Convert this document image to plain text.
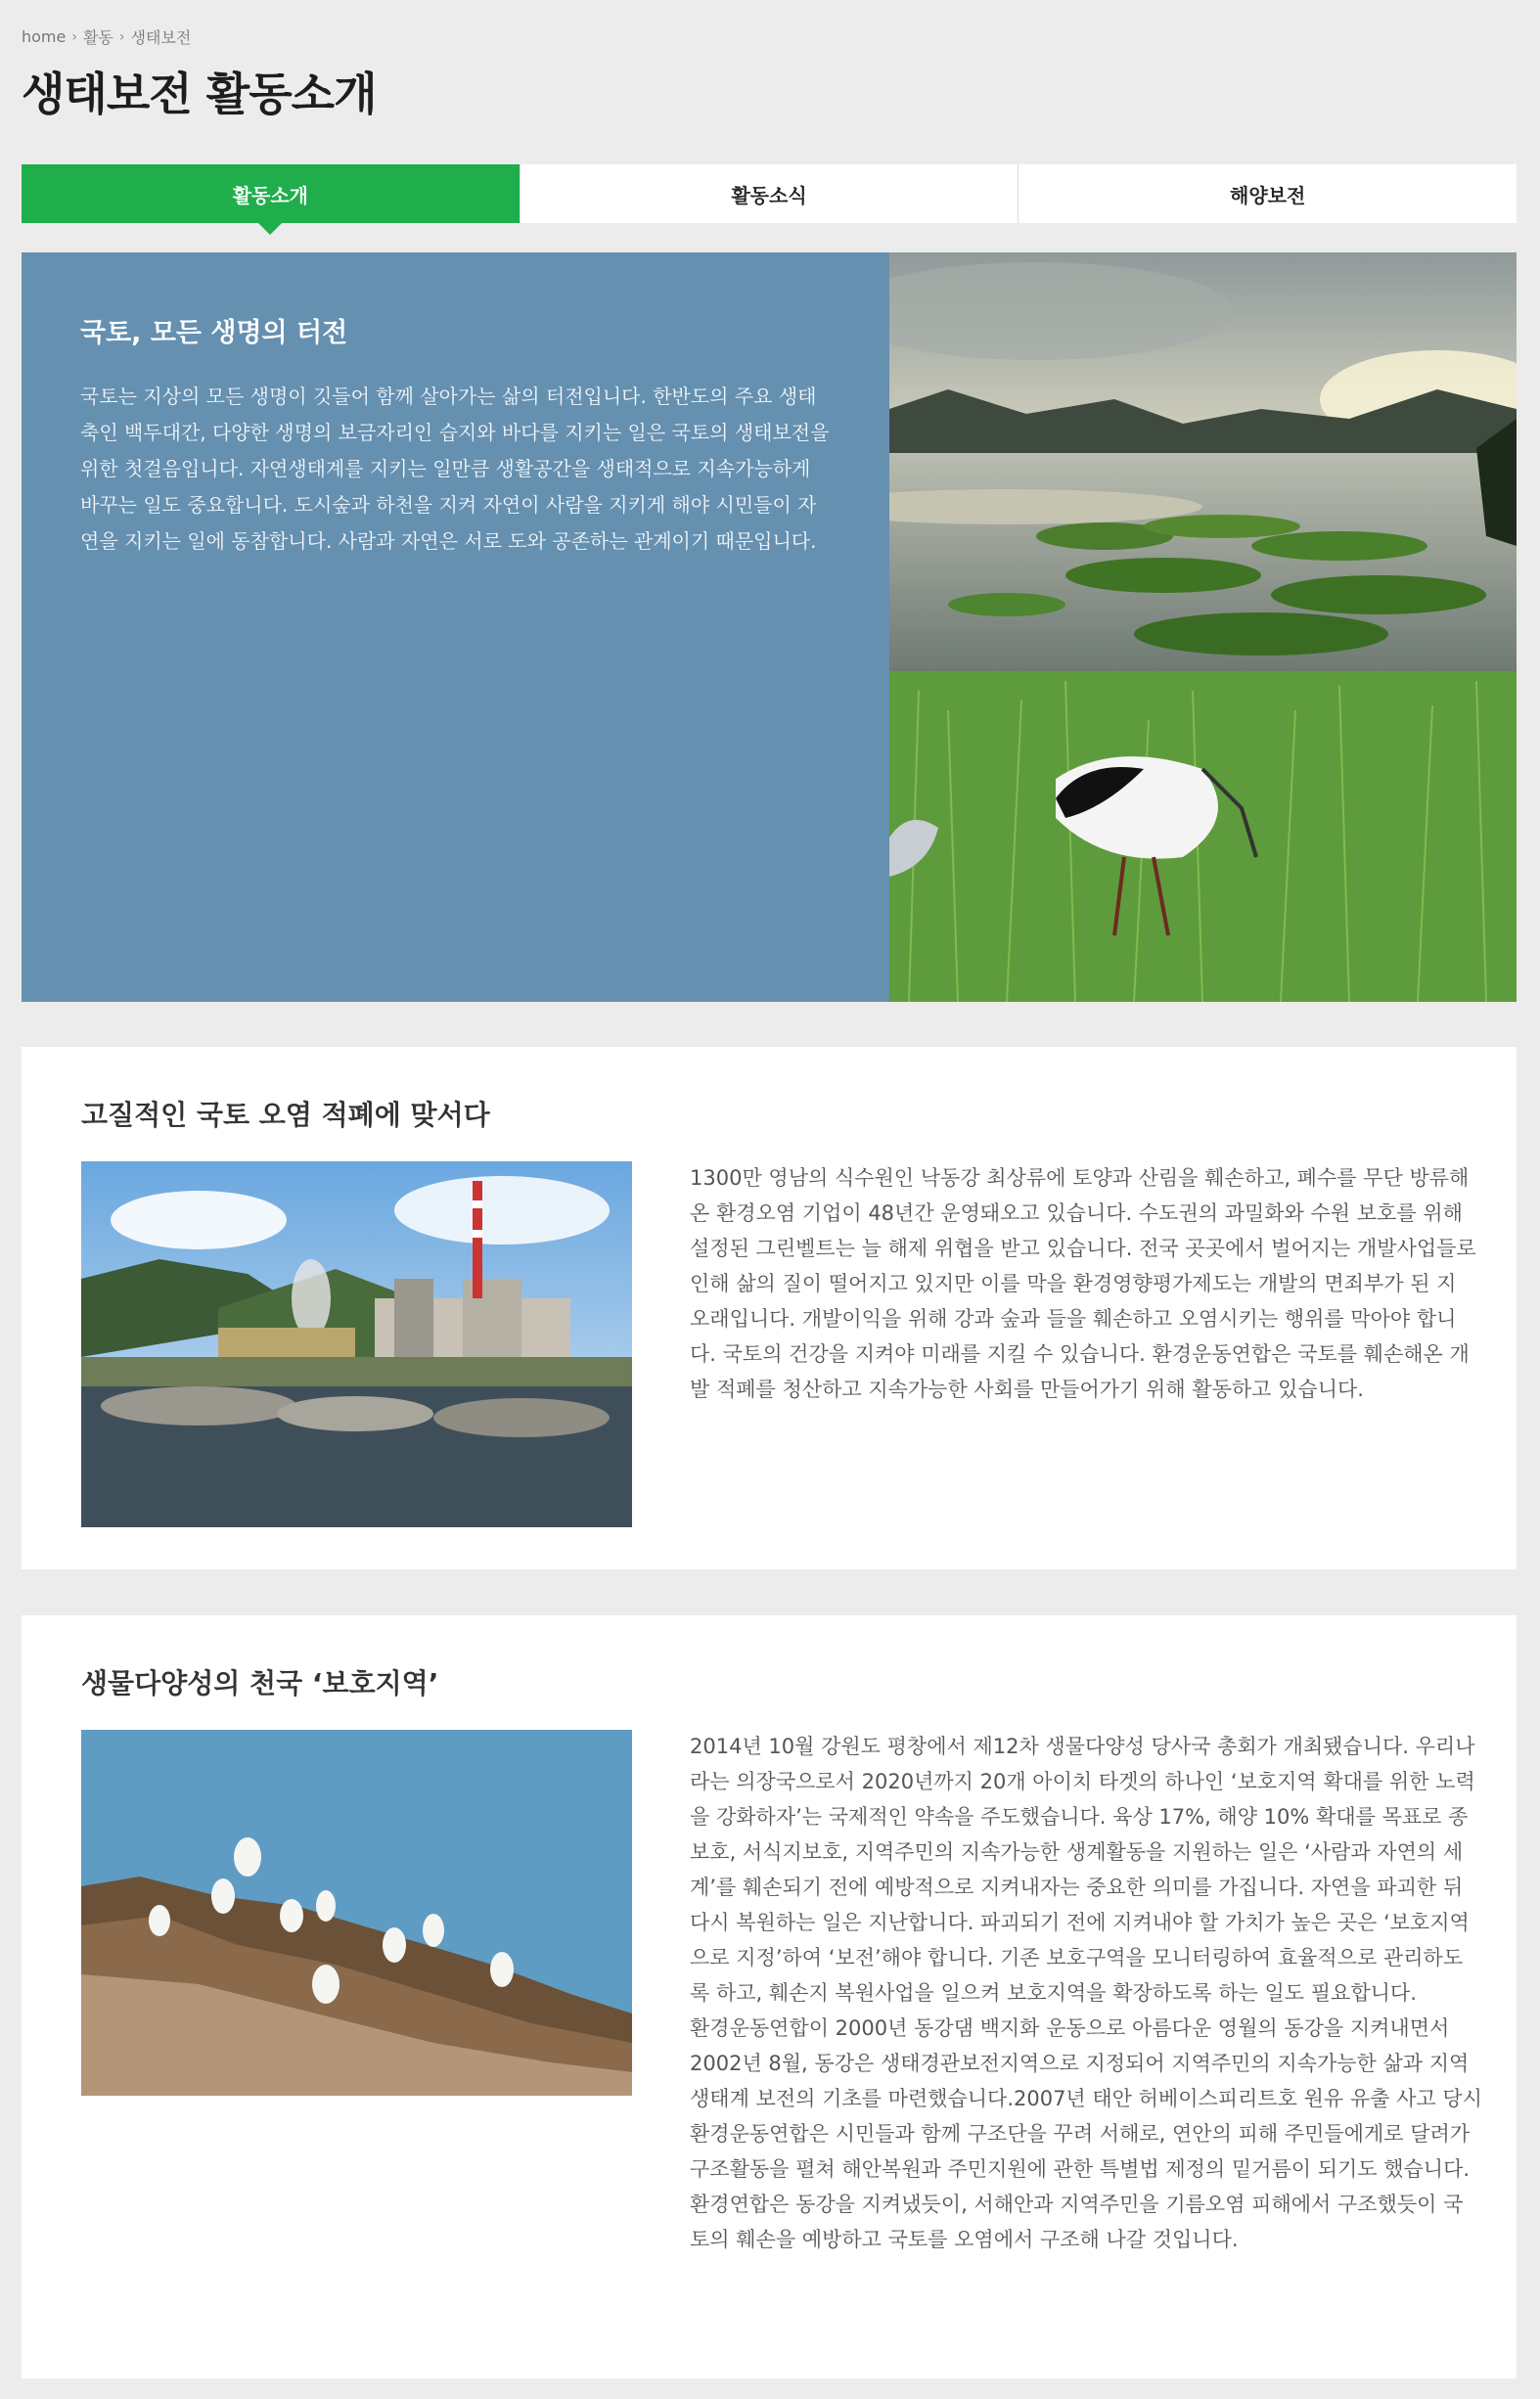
home › 활동 › 생태보전
생태보전 활동소개
활동소개	활동소식	해양보전
국토, 모든 생명의 터전

국토는 지상의 모든 생명이 깃들어 함께 살아가는 삶의 터전입니다. 한반도의 주요 생태축인 백두대간, 다양한 생명의 보금자리인 습지와 바다를 지키는 일은 국토의 생태보전을 위한 첫걸음입니다. 자연생태계를 지키는 일만큼 생활공간을 생태적으로 지속가능하게 바꾸는 일도 중요합니다. 도시숲과 하천을 지켜 자연이 사람을 지키게 해야 시민들이 자연을 지키는 일에 동참합니다. 사람과 자연은 서로 도와 공존하는 관계이기 때문입니다.

고질적인 국토 오염 적폐에 맞서다

1300만 영남의 식수원인 낙동강 최상류에 토양과 산림을 훼손하고, 폐수를 무단 방류해 온 환경오염 기업이 48년간 운영돼오고 있습니다. 수도권의 과밀화와 수원 보호를 위해 설정된 그린벨트는 늘 해제 위협을 받고 있습니다. 전국 곳곳에서 벌어지는 개발사업들로 인해 삶의 질이 떨어지고 있지만 이를 막을 환경영향평가제도는 개발의 면죄부가 된 지 오래입니다. 개발이익을 위해 강과 숲과 들을 훼손하고 오염시키는 행위를 막아야 합니다. 국토의 건강을 지켜야 미래를 지킬 수 있습니다. 환경운동연합은 국토를 훼손해온 개발 적폐를 청산하고 지속가능한 사회를 만들어가기 위해 활동하고 있습니다.

생물다양성의 천국 ‘보호지역’

2014년 10월 강원도 평창에서 제12차 생물다양성 당사국 총회가 개최됐습니다. 우리나라는 의장국으로서 2020년까지 20개 아이치 타겟의 하나인 ‘보호지역 확대를 위한 노력을 강화하자’는 국제적인 약속을 주도했습니다. 육상 17%, 해양 10% 확대를 목표로 종보호, 서식지보호, 지역주민의 지속가능한 생계활동을 지원하는 일은 ‘사람과 자연의 세계’를 훼손되기 전에 예방적으로 지켜내자는 중요한 의미를 가집니다. 자연을 파괴한 뒤 다시 복원하는 일은 지난합니다. 파괴되기 전에 지켜내야 할 가치가 높은 곳은 ‘보호지역으로 지정’하여 ‘보전’해야 합니다. 기존 보호구역을 모니터링하여 효율적으로 관리하도록 하고, 훼손지 복원사업을 일으켜 보호지역을 확장하도록 하는 일도 필요합니다.

환경운동연합이 2000년 동강댐 백지화 운동으로 아름다운 영월의 동강을 지켜내면서 2002년 8월, 동강은 생태경관보전지역으로 지정되어 지역주민의 지속가능한 삶과 지역생태계 보전의 기초를 마련했습니다.2007년 태안 허베이스피리트호 원유 유출 사고 당시 환경운동연합은 시민들과 함께 구조단을 꾸려 서해로, 연안의 피해 주민들에게로 달려가 구조활동을 펼쳐 해안복원과 주민지원에 관한 특별법 제정의 밑거름이 되기도 했습니다. 환경연합은 동강을 지켜냈듯이, 서해안과 지역주민을 기름오염 피해에서 구조했듯이 국토의 훼손을 예방하고 국토를 오염에서 구조해 나갈 것입니다.
